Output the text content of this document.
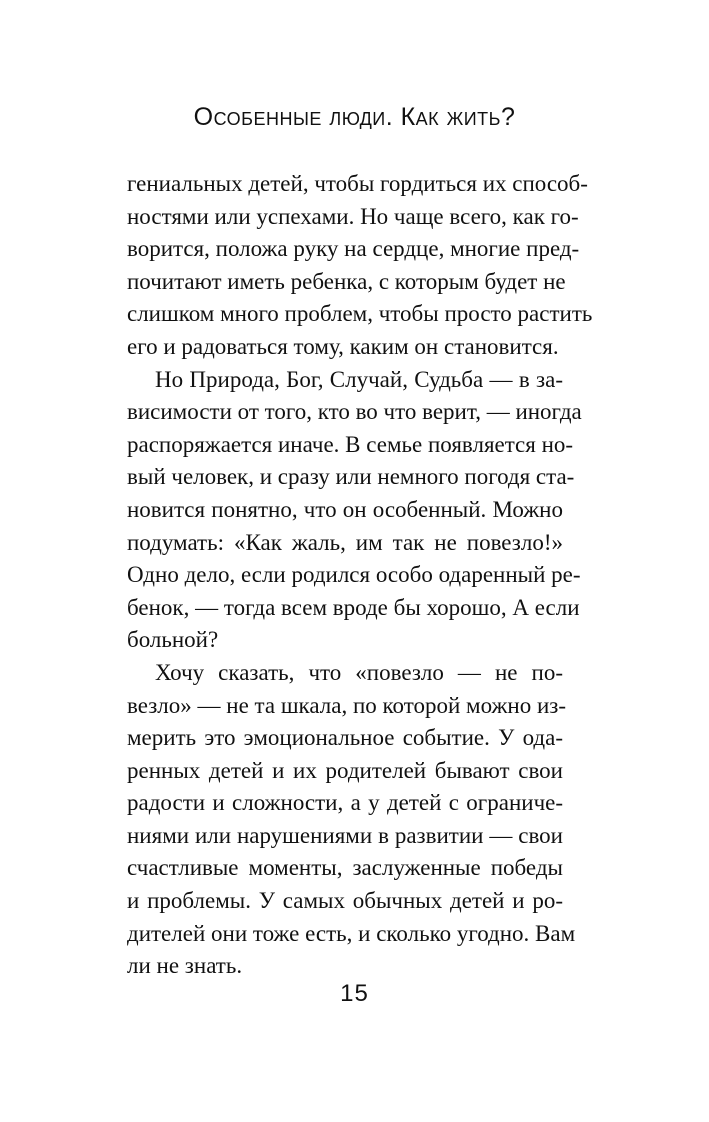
Особенные люди. Как жить?
гениальных детей, чтобы гордиться их способ-
ностями или успехами. Но чаще всего, как го-
ворится, положа руку на сердце, многие пред-
почитают иметь ребенка, с которым будет не
слишком много проблем, чтобы просто растить
его и радоваться тому, каким он становится.
Но Природа, Бог, Случай, Судьба — в за-
висимости от того, кто во что верит, — иногда
распоряжается иначе. В семье появляется но-
вый человек, и сразу или немного погодя ста-
новится понятно, что он особенный. Можно
подумать: «Как жаль, им так не повезло!»
Одно дело, если родился особо одаренный ре-
бенок, — тогда всем вроде бы хорошо, А если
больной?
Хочу сказать, что «повезло — не по-
везло» — не та шкала, по которой можно из-
мерить это эмоциональное событие. У ода-
ренных детей и их родителей бывают свои
радости и сложности, а у детей с ограниче-
ниями или нарушениями в развитии — свои
счастливые моменты, заслуженные победы
и проблемы. У самых обычных детей и ро-
дителей они тоже есть, и сколько угодно. Вам
ли не знать.
15
